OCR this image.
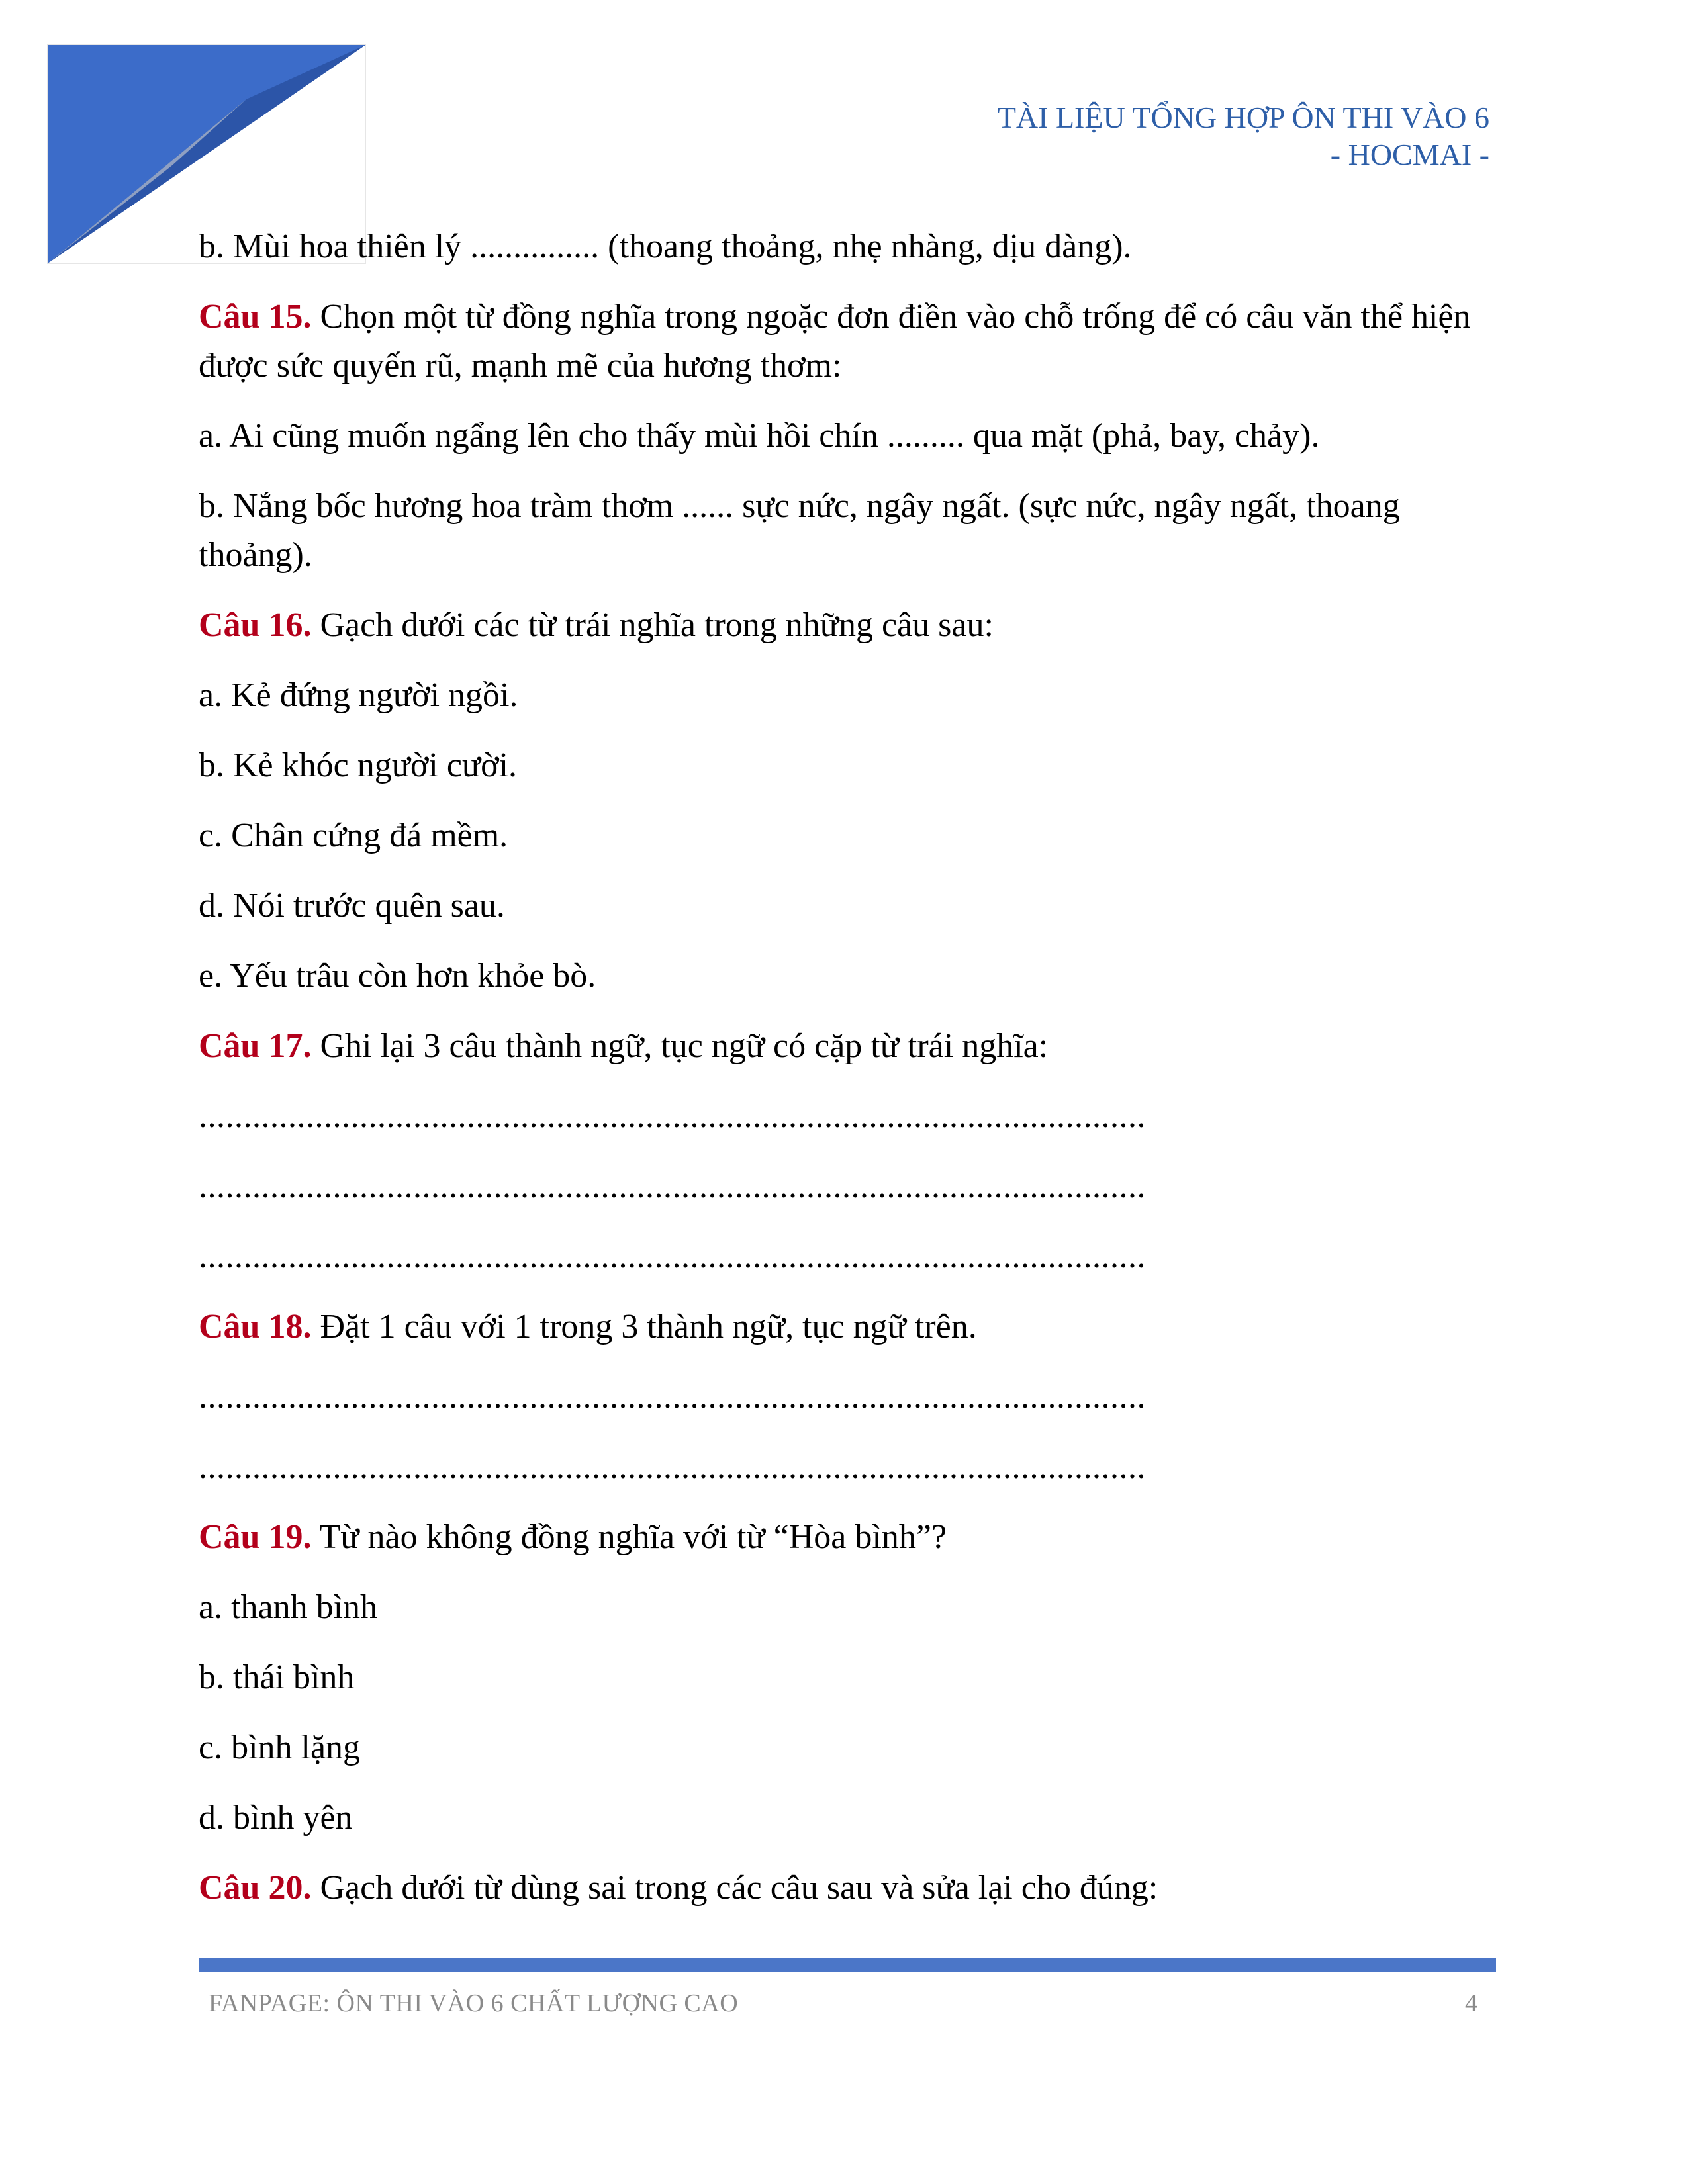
TÀI LIỆU TỔNG HỢP ÔN THI VÀO 6
- HOCMAI -
b. Mùi hoa thiên lý ............... (thoang thoảng, nhẹ nhàng, dịu dàng).
Câu 15. Chọn một từ đồng nghĩa trong ngoặc đơn điền vào chỗ trống để có câu văn thể hiện được sức quyến rũ, mạnh mẽ của hương thơm:
a. Ai cũng muốn ngẩng lên cho thấy mùi hồi chín ......... qua mặt (phả, bay, chảy).
b. Nắng bốc hương hoa tràm thơm ...... sực nức, ngây ngất. (sực nức, ngây ngất, thoang thoảng).
Câu 16. Gạch dưới các từ trái nghĩa trong những câu sau:
a. Kẻ đứng người ngồi.
b. Kẻ khóc người cười.
c. Chân cứng đá mềm.
d. Nói trước quên sau.
e. Yếu trâu còn hơn khỏe bò.
Câu 17. Ghi lại 3 câu thành ngữ, tục ngữ có cặp từ trái nghĩa:
..........................................................................................................
..........................................................................................................
..........................................................................................................
Câu 18. Đặt 1 câu với 1 trong 3 thành ngữ, tục ngữ trên.
..........................................................................................................
..........................................................................................................
Câu 19. Từ nào không đồng nghĩa với từ “Hòa bình”?
a. thanh bình
b. thái bình
c. bình lặng
d. bình yên
Câu 20. Gạch dưới từ dùng sai trong các câu sau và sửa lại cho đúng:
FANPAGE: ÔN THI VÀO 6 CHẤT LƯỢNG CAO	4
